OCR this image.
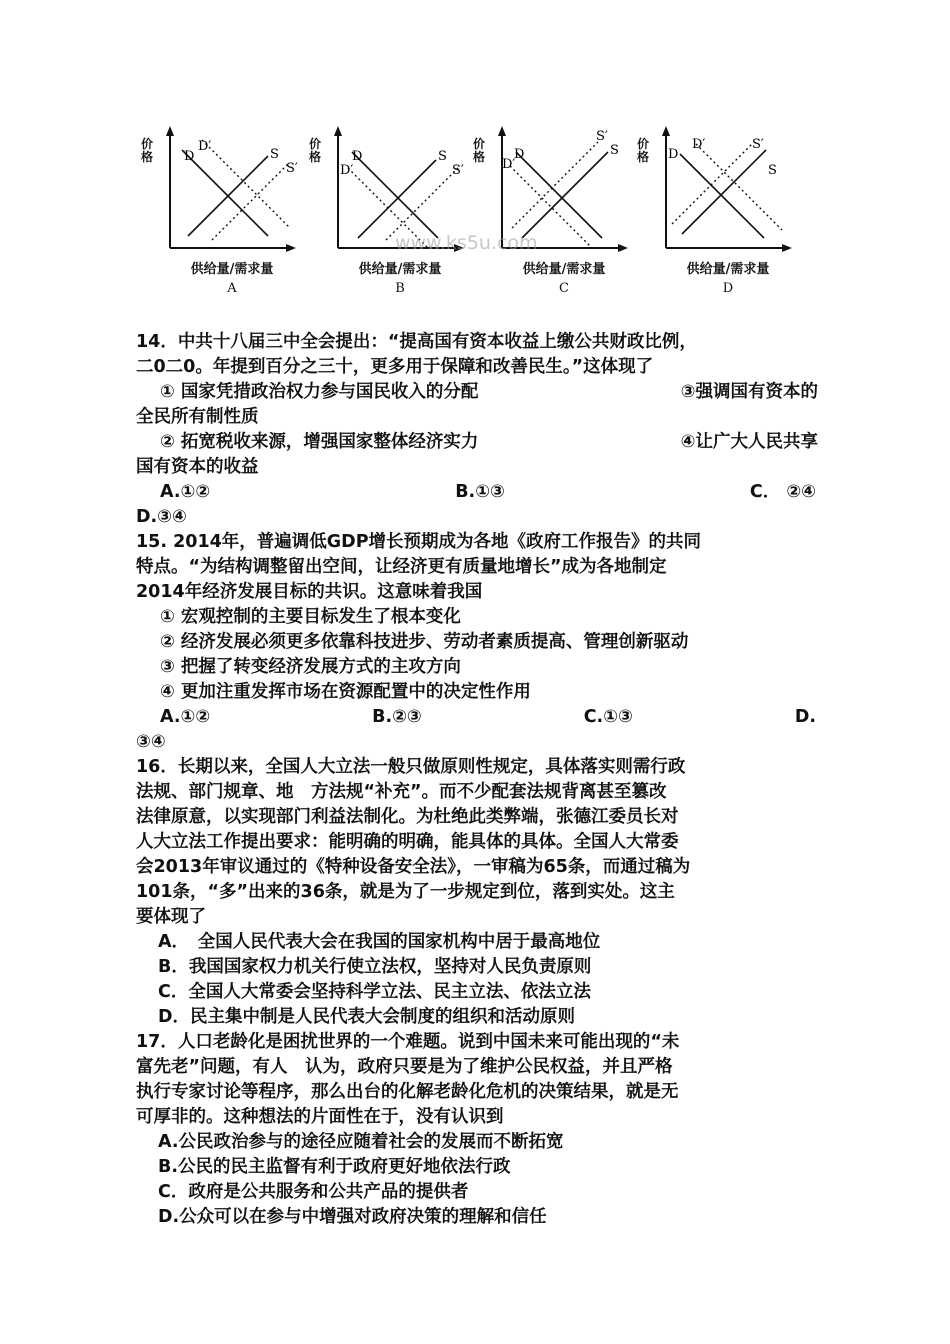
D
D′
S
S′
价格
供给量/需求量
A
D
D′
S
S′
价格
供给量/需求量
B
D
D′
S
S′
价格
供给量/需求量
C
D
D′
S
S′
价格
供给量/需求量
D
www.ks5u.com
14．中共十八届三中全会提出：“提高国有资本收益上缴公共财政比例，
二0二0。年提到百分之三十，更多用于保障和改善民生。”这体现了
① 国家凭措政治权力参与国民收入的分配	③强调国有资本的
全民所有制性质
② 拓宽税收来源，增强国家整体经济实力	④让广大人民共享
国有资本的收益
A.①②	B.①③	C． ②④
D.③④
15. 2014年，普遍调低GDP增长预期成为各地《政府工作报告》的共同
特点。“为结构调整留出空间，让经济更有质量地增长”成为各地制定
2014年经济发展目标的共识。这意味着我国
① 宏观控制的主要目标发生了根本变化
② 经济发展必须更多依靠科技进步、劳动者素质提高、管理创新驱动
③ 把握了转变经济发展方式的主攻方向
④ 更加注重发挥市场在资源配置中的决定性作用
A.①②	B.②③	C.①③	D.
③④
16．长期以来，全国人大立法一般只做原则性规定，具体落实则需行政
法规、部门规章、地　方法规“补充”。而不少配套法规背离甚至篡改
法律原意，以实现部门利益法制化。为杜绝此类弊端，张德江委员长对
人大立法工作提出要求：能明确的明确，能具体的具体。全国人大常委
会2013年审议通过的《特种设备安全法》，一审稿为65条，而通过稿为
101条，“多”出来的36条，就是为了一步规定到位，落到实处。这主
要体现了
A．　全国人民代表大会在我国的国家机构中居于最高地位
B．我国国家权力机关行使立法权，坚持对人民负责原则
C．全国人大常委会坚持科学立法、民主立法、依法立法
D．民主集中制是人民代表大会制度的组织和活动原则
17．人口老龄化是困扰世界的一个难题。说到中国未来可能出现的“未
富先老”问题，有人　认为，政府只要是为了维护公民权益，并且严格
执行专家讨论等程序，那么出台的化解老龄化危机的决策结果，就是无
可厚非的。这种想法的片面性在于，没有认识到
A.公民政治参与的途径应随着社会的发展而不断拓宽
B.公民的民主监督有利于政府更好地依法行政
C．政府是公共服务和公共产品的提供者
D.公众可以在参与中增强对政府决策的理解和信任
